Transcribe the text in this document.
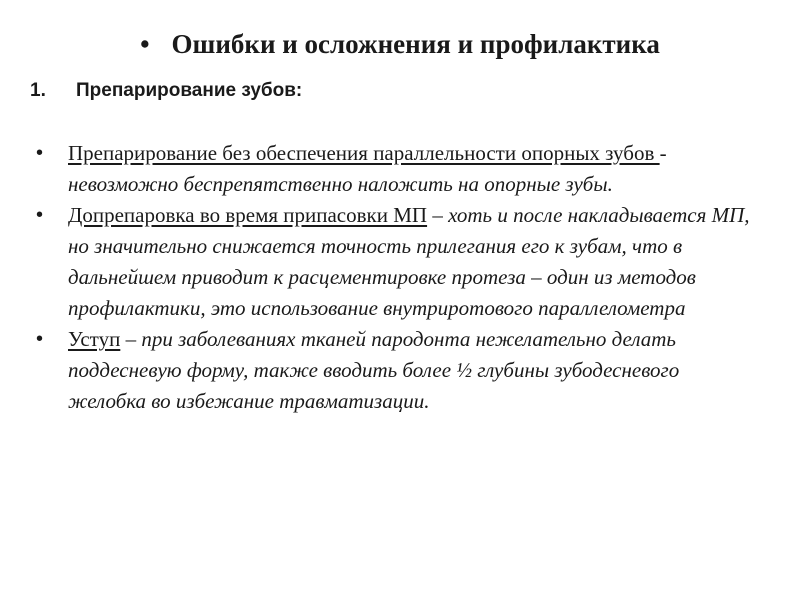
• Ошибки и осложнения и профилактика
1. Препарирование зубов:
• Препарирование без обеспечения параллельности опорных зубов - невозможно беспрепятственно наложить на опорные зубы.
• Допрепаровка во время припасовки МП – хоть и после накладывается МП, но значительно снижается точность прилегания его к зубам, что в дальнейшем приводит к расцементировке протеза – один из методов профилактики, это использование внутриротового параллелометра
• Уступ – при заболеваниях тканей пародонта нежелательно делать поддесневую форму, также вводить более ½ глубины зубодесневого желобка во избежание травматизации.
